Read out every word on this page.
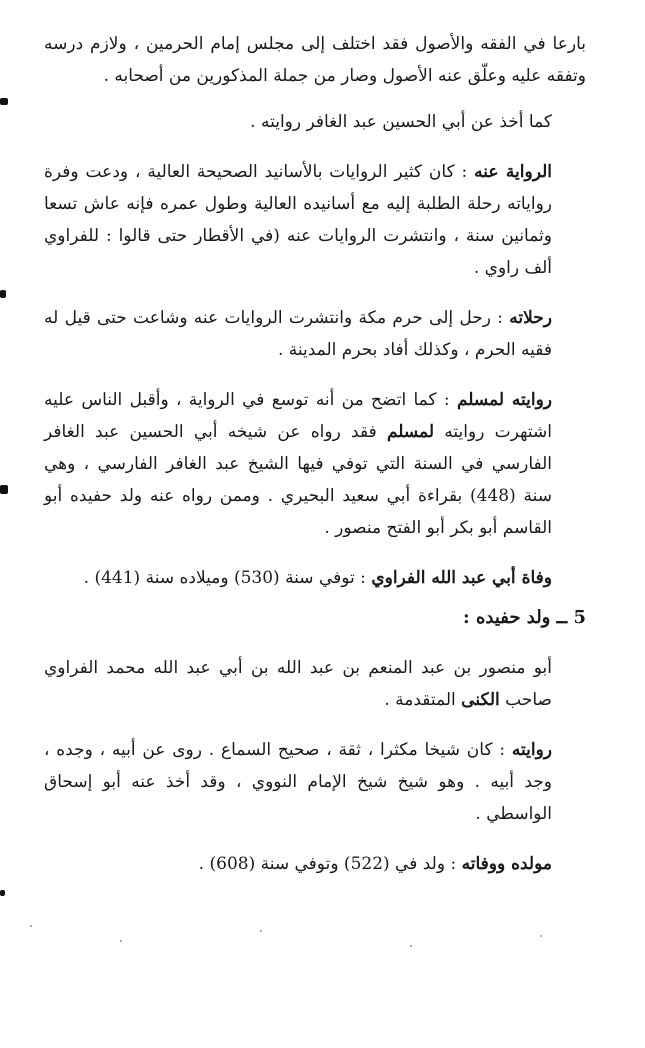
بارعا في الفقه والأصول فقد اختلف إلى مجلس إمام الحرمين ، ولازم درسه وتفقه عليه وعلّق عنه الأصول وصار من جملة المذكورين من أصحابه .

كما أخذ عن أبي الحسين عبد الغافر روايته .

الرواية عنه : كان كثير الروايات بالأسانيد الصحيحة العالية ، ودعت وفرة رواياته رحلة الطلبة إليه مع أسانيده العالية وطول عمره فإنه عاش تسعا وثمانين سنة ، وانتشرت الروايات عنه (في الأقطار حتى قالوا : للفراوي ألف راوي .

رحلاته : رحل إلى حرم مكة وانتشرت الروايات عنه وشاعت حتى قيل له فقيه الحرم ، وكذلك أفاد بحرم المدينة .

روايته لمسلم : كما اتضح من أنه توسع في الرواية ، وأقبل الناس عليه اشتهرت روايته لمسلم فقد رواه عن شيخه أبي الحسين عبد الغافر الفارسي في السنة التي توفي فيها الشيخ عبد الغافر الفارسي ، وهي سنة (448) بقراءة أبي سعيد البحيري . وممن رواه عنه ولد حفيده أبو القاسم أبو بكر أبو الفتح منصور .

وفاة أبي عبد الله الفراوي : توفي سنة (530) وميلاده سنة (441) .

5 ــ ولد حفيده :

أبو منصور بن عبد المنعم بن عبد الله بن أبي عبد الله محمد الفراوي صاحب الكنى المتقدمة .

روايته : كان شيخا مكثرا ، ثقة ، صحيح السماع . روى عن أبيه ، وجده ، وجد أبيه . وهو شيخ شيخ الإمام النووي ، وقد أخذ عنه أبو إسحاق الواسطي .

مولده ووفاته : ولد في (522) وتوفي سنة (608) .
